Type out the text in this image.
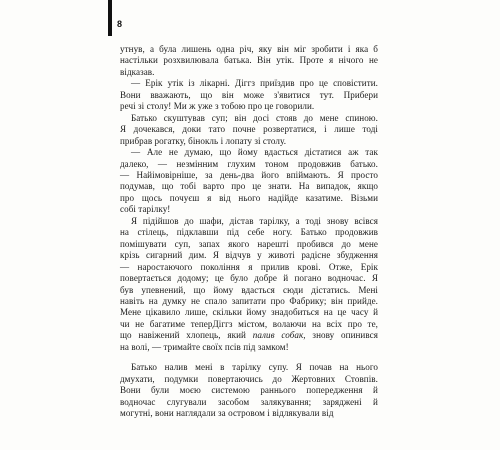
8

утнув, а була лишень одна річ, яку він міг зробити і яка б
настільки розхвилювала батька. Він утік. Проте я нічого не
відказав.

— Ерік утік із лікарні. Діггз приїздив про це сповістити.
Вони вважають, що він може з'явитися тут. Прибери
речі зі столу! Ми ж уже з тобою про це говорили.

Батько скуштував суп; він досі стояв до мене спиною.
Я дочекався, доки тато почне розвертатися, і лише тоді
прибрав рогатку, бінокль і лопату зі столу.

— Але не думаю, що йому вдасться дістатися аж так
далеко, — незмінним глухим тоном продовжив батько.
— Найімовірніше, за день-два його впіймають. Я просто
подумав, що тобі варто про це знати. На випадок, якщо
про щось почуєш я від нього надійде казатиме. Візьми
собі тарілку!

Я підійшов до шафи, дістав тарілку, а тоді знову всівся
на стілець, підклавши під себе ногу. Батько продовжив
помішувати суп, запах якого нарешті пробився до мене
крізь сигарний дим. Я відчув у животі радісне збудження
— наростаючого покоління я прилив крові. Отже, Ерік
повертається додому; це було добре й погано водночас. Я
був упевнений, що йому вдасться сюди дістатись. Мені
навіть на думку не спало запитати про Фабрику; він прийде.
Мене цікавило лише, скільки йому знадобиться на це часу й
чи не багатиме теперДіггз містом, волаючи на всіх про те,
що навіжений хлопець, який палив собак, знову опинився
на волі, — тримайте своїх псів під замком!

Батько налив мені в тарілку супу. Я почав на нього
дмухати, подумки повертаючись до Жертовних Стовпів.
Вони були моєю системою раннього попередження й
водночас слугували засобом залякування; заряджені й
могутні, вони наглядали за островом і відлякували від
